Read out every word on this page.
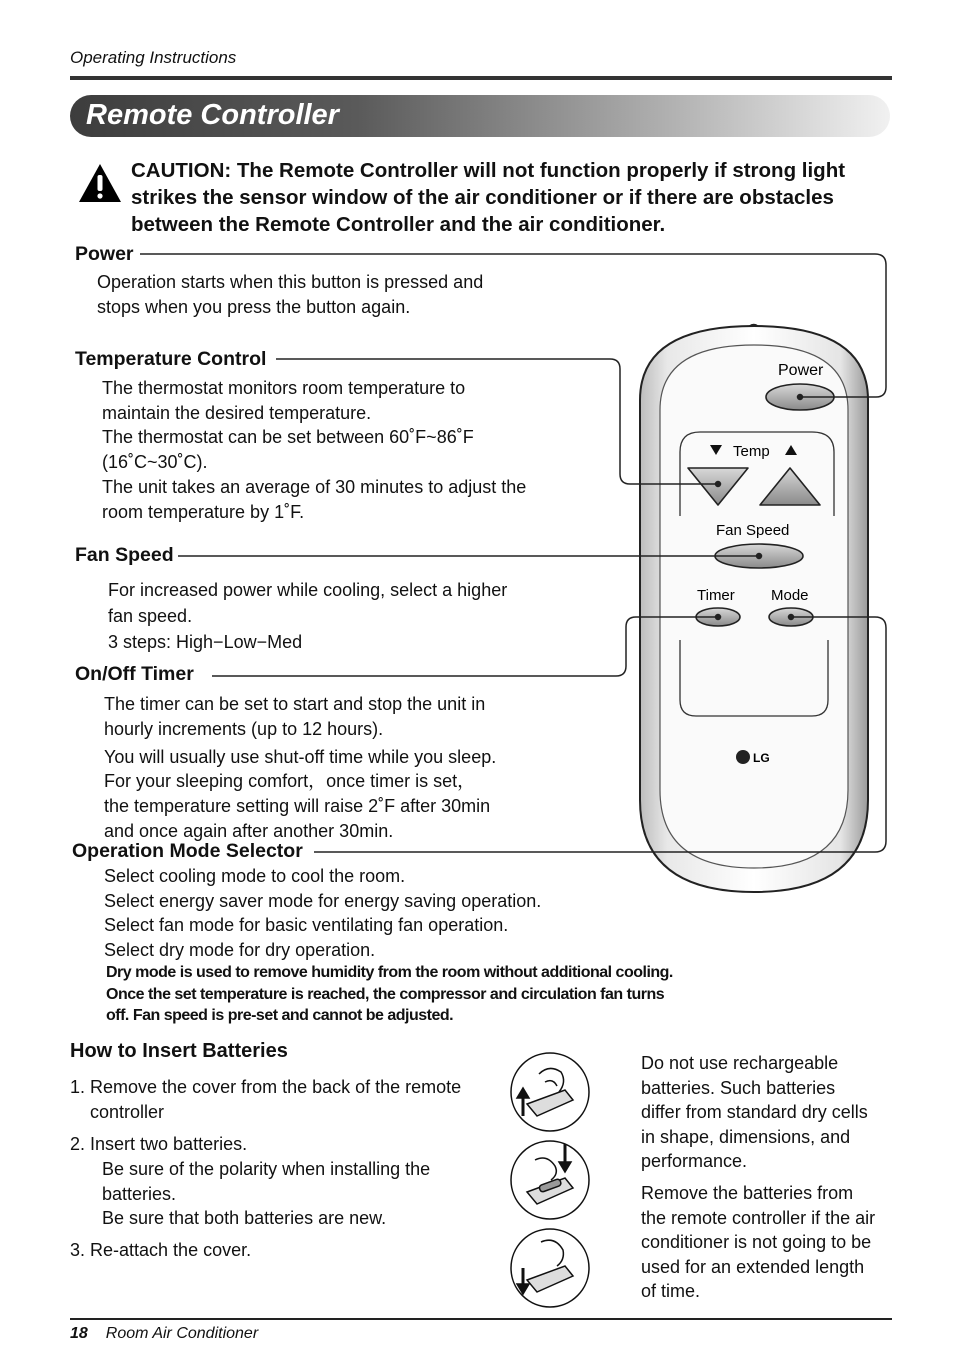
Operating Instructions
Remote Controller
CAUTION: The Remote Controller will not function properly if strong light strikes the sensor window of the air conditioner or if there are obstacles between the Remote Controller and the air conditioner.
Power
Temp
Fan Speed
Timer Mode
LG
Power
Operation starts when this button is pressed and
stops when you press the button again.
Temperature Control
The thermostat monitors room temperature to
maintain the desired temperature.
The thermostat can be set between 60˚F~86˚F
(16˚C~30˚C).
The unit takes an average of 30 minutes to adjust the
room temperature by 1˚F.
Fan Speed
For increased power while cooling, select a higher
fan speed.
3 steps: High−Low−Med
On/Off Timer
The timer can be set to start and stop the unit in
hourly increments (up to 12 hours).
You will usually use shut-off time while you sleep.
For your sleeping comfort，once timer is set，
the temperature setting will raise 2˚F after 30min
and once again after another 30min.
Operation Mode Selector
Select cooling mode to cool the room.
Select energy saver mode for energy saving operation.
Select fan mode for basic ventilating fan operation.
Select dry mode for dry operation.
Dry mode is used to remove humidity from the room without additional cooling.
Once the set temperature is reached, the compressor and circulation fan turns
off. Fan speed is pre-set and cannot be adjusted.
How to Insert Batteries
1. Remove the cover from the back of the remote
controller
2. Insert two batteries.
Be sure of the polarity when installing the
batteries.
Be sure that both batteries are new.
3. Re-attach the cover.
Do not use rechargeable
batteries. Such batteries
differ from standard dry cells
in shape, dimensions, and
performance.
Remove the batteries from
the remote controller if the air
conditioner is not going to be
used for an extended length
of time.
18 Room Air Conditioner
